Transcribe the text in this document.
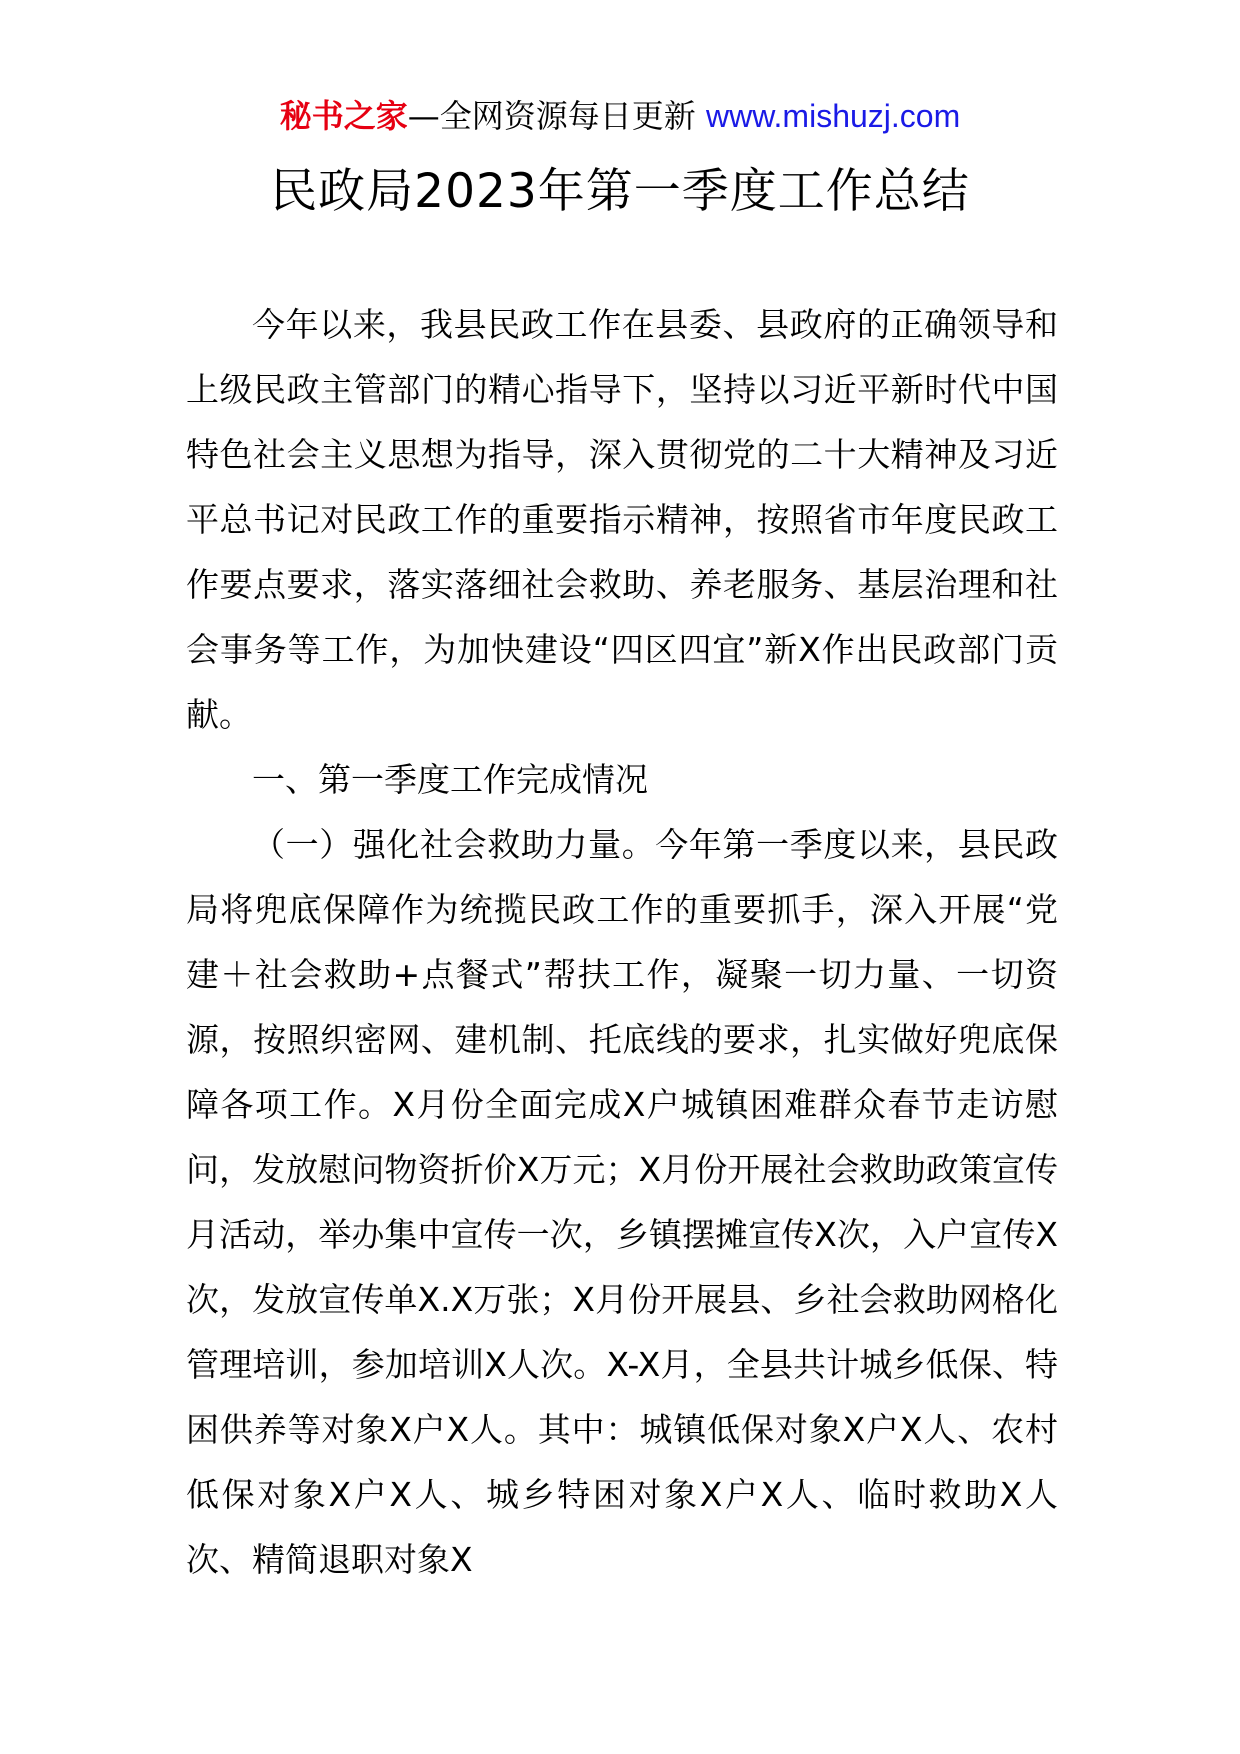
秘书之家—全网资源每日更新 www.mishuzj.com
民政局2023年第一季度工作总结

今年以来，我县民政工作在县委、县政府的正确领导和上级民政主管部门的精心指导下，坚持以习近平新时代中国特色社会主义思想为指导，深入贯彻党的二十大精神及习近平总书记对民政工作的重要指示精神，按照省市年度民政工作要点要求，落实落细社会救助、养老服务、基层治理和社会事务等工作，为加快建设“四区四宜”新X作出民政部门贡献。

一、第一季度工作完成情况

（一）强化社会救助力量。今年第一季度以来，县民政局将兜底保障作为统揽民政工作的重要抓手，深入开展“党建＋社会救助+点餐式”帮扶工作，凝聚一切力量、一切资源，按照织密网、建机制、托底线的要求，扎实做好兜底保障各项工作。X月份全面完成X户城镇困难群众春节走访慰问，发放慰问物资折价X万元；X月份开展社会救助政策宣传月活动，举办集中宣传一次，乡镇摆摊宣传X次，入户宣传X次，发放宣传单X.X万张；X月份开展县、乡社会救助网格化管理培训，参加培训X人次。X-X月，全县共计城乡低保、特困供养等对象X户X人。其中：城镇低保对象X户X人、农村低保对象X户X人、城乡特困对象X户X人、临时救助X人次、精简退职对象X
